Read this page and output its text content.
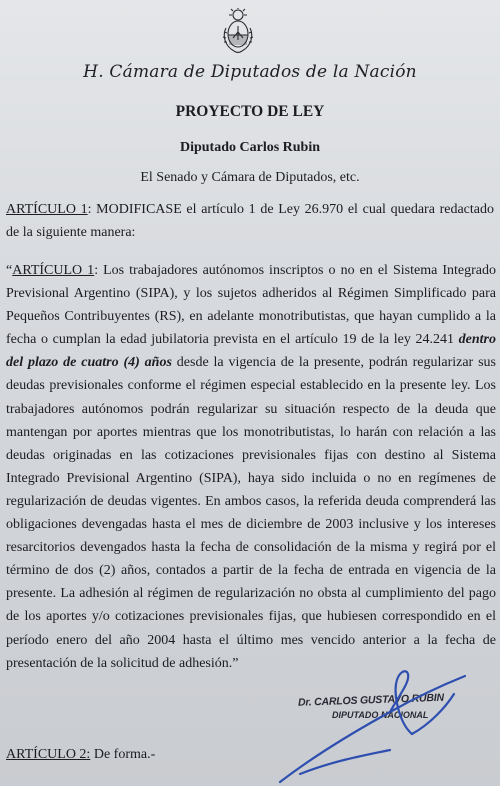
H. Cámara de Diputados de la Nación
PROYECTO DE LEY
Diputado Carlos Rubin
El Senado y Cámara de Diputados, etc.
ARTÍCULO 1: MODIFICASE el artículo 1 de Ley 26.970 el cual quedara redactado de la siguiente manera:
“ARTÍCULO 1: Los trabajadores autónomos inscriptos o no en el Sistema Integrado Previsional Argentino (SIPA), y los sujetos adheridos al Régimen Simplificado para Pequeños Contribuyentes (RS), en adelante monotributistas, que hayan cumplido a la fecha o cumplan la edad jubilatoria prevista en el artículo 19 de la ley 24.241 dentro del plazo de cuatro (4) años desde la vigencia de la presente, podrán regularizar sus deudas previsionales conforme el régimen especial establecido en la presente ley. Los trabajadores autónomos podrán regularizar su situación respecto de la deuda que mantengan por aportes mientras que los monotributistas, lo harán con relación a las deudas originadas en las cotizaciones previsionales fijas con destino al Sistema Integrado Previsional Argentino (SIPA), haya sido incluida o no en regímenes de regularización de deudas vigentes. En ambos casos, la referida deuda comprenderá las obligaciones devengadas hasta el mes de diciembre de 2003 inclusive y los intereses resarcitorios devengados hasta la fecha de consolidación de la misma y regirá por el término de dos (2) años, contados a partir de la fecha de entrada en vigencia de la presente. La adhesión al régimen de regularización no obsta al cumplimiento del pago de los aportes y/o cotizaciones previsionales fijas, que hubiesen correspondido en el período enero del año 2004 hasta el último mes vencido anterior a la fecha de presentación de la solicitud de adhesión.”
Dr. CARLOS GUSTAVO RUBIN
DIPUTADO NACIONAL
ARTÍCULO 2: De forma.-
